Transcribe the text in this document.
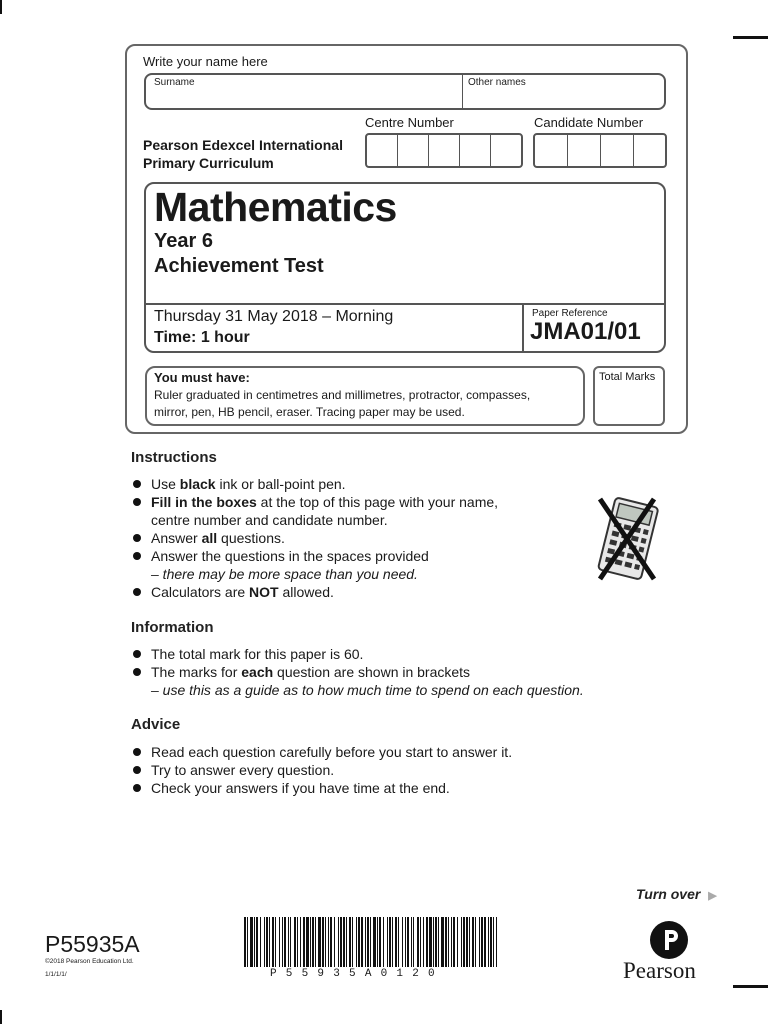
Write your name here
Surname	Other names
Pearson Edexcel International
Primary Curriculum
Centre Number	Candidate Number
Mathematics
Year 6
Achievement Test
Thursday 31 May 2018 – Morning
Time: 1 hour
Paper Reference
JMA01/01
You must have:
Ruler graduated in centimetres and millimetres, protractor, compasses,
mirror, pen, HB pencil, eraser. Tracing paper may be used.
Total Marks
Instructions
Use black ink or ball-point pen.
Fill in the boxes at the top of this page with your name,
centre number and candidate number.
Answer all questions.
Answer the questions in the spaces provided
– there may be more space than you need.
Calculators are NOT allowed.
Information
The total mark for this paper is 60.
The marks for each question are shown in brackets
– use this as a guide as to how much time to spend on each question.
Advice
Read each question carefully before you start to answer it.
Try to answer every question.
Check your answers if you have time at the end.
Turn over ▶
P55935A
©2018 Pearson Education Ltd.
1/1/1/1/	P 5 5 9 3 5 A 0 1 2 0	Pearson
